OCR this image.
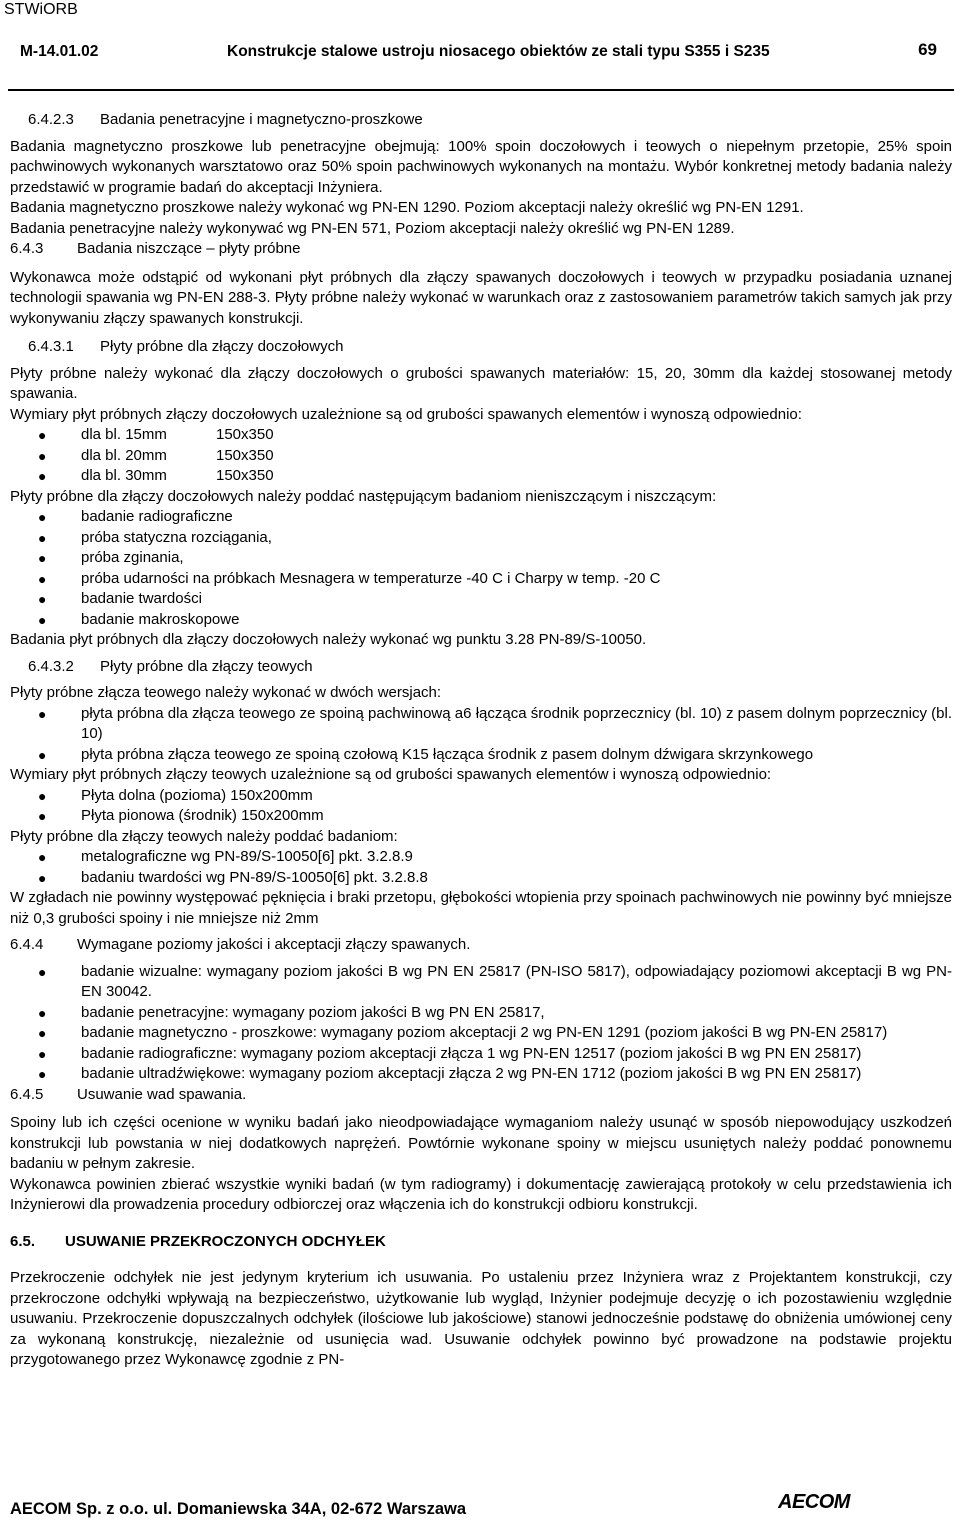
STWiORB
M-14.01.02	Konstrukcje stalowe ustroju niosacego obiektów ze stali typu S355 i S235	69
6.4.2.3 Badania penetracyjne i magnetyczno-proszkowe

Badania magnetyczno proszkowe lub penetracyjne obejmują: 100% spoin doczołowych i teowych o niepełnym przetopie, 25% spoin pachwinowych wykonanych warsztatowo oraz 50% spoin pachwinowych wykonanych na montażu. Wybór konkretnej metody badania należy przedstawić w programie badań do akceptacji Inżyniera.

Badania magnetyczno proszkowe należy wykonać wg PN-EN 1290. Poziom akceptacji należy określić wg PN-EN 1291.

Badania penetracyjne należy wykonywać wg PN-EN 571, Poziom akceptacji należy określić wg PN-EN 1289.

6.4.3 Badania niszczące – płyty próbne

Wykonawca może odstąpić od wykonani płyt próbnych dla złączy spawanych doczołowych i teowych w przypadku posiadania uznanej technologii spawania wg PN-EN 288-3. Płyty próbne należy wykonać w warunkach oraz z zastosowaniem parametrów takich samych jak przy wykonywaniu złączy spawanych konstrukcji.

6.4.3.1 Płyty próbne dla złączy doczołowych

Płyty próbne należy wykonać dla złączy doczołowych o grubości spawanych materiałów: 15, 20, 30mm dla każdej stosowanej metody spawania.

Wymiary płyt próbnych złączy doczołowych uzależnione są od grubości spawanych elementów i wynoszą odpowiednio:

● dla bl. 15mm	150x350
● dla bl. 20mm	150x350
● dla bl. 30mm	150x350

Płyty próbne dla złączy doczołowych należy poddać następującym badaniom nieniszczącym i niszczącym:

● badanie radiograficzne
● próba statyczna rozciągania,
● próba zginania,
● próba udarności na próbkach Mesnagera w temperaturze -40 C i Charpy w temp. -20 C
● badanie twardości
● badanie makroskopowe

Badania płyt próbnych dla złączy doczołowych należy wykonać wg punktu 3.28 PN-89/S-10050.

6.4.3.2 Płyty próbne dla złączy teowych

Płyty próbne złącza teowego należy wykonać w dwóch wersjach:

● płyta próbna dla złącza teowego ze spoiną pachwinową a6 łącząca środnik poprzecznicy (bl. 10) z pasem dolnym poprzecznicy (bl. 10)
● płyta próbna złącza teowego ze spoiną czołową K15 łącząca środnik z pasem dolnym dźwigara skrzynkowego

Wymiary płyt próbnych złączy teowych uzależnione są od grubości spawanych elementów i wynoszą odpowiednio:

● Płyta dolna (pozioma) 150x200mm
● Płyta pionowa (środnik) 150x200mm

Płyty próbne dla złączy teowych należy poddać badaniom:

● metalograficzne wg PN-89/S-10050[6] pkt. 3.2.8.9
● badaniu twardości wg PN-89/S-10050[6] pkt. 3.2.8.8

W zgładach nie powinny występować pęknięcia i braki przetopu, głębokości wtopienia przy spoinach pachwinowych nie powinny być mniejsze niż 0,3 grubości spoiny i nie mniejsze niż 2mm

6.4.4 Wymagane poziomy jakości i akceptacji złączy spawanych.
● badanie wizualne: wymagany poziom jakości B wg PN EN 25817 (PN-ISO 5817), odpowiadający poziomowi akceptacji B wg PN-EN 30042.
● badanie penetracyjne: wymagany poziom jakości B wg PN EN 25817,
● badanie magnetyczno - proszkowe: wymagany poziom akceptacji 2 wg PN-EN 1291 (poziom jakości B wg PN-EN 25817)
● badanie radiograficzne: wymagany poziom akceptacji złącza 1 wg PN-EN 12517 (poziom jakości B wg PN EN 25817)
● badanie ultradźwiękowe: wymagany poziom akceptacji złącza 2 wg PN-EN 1712 (poziom jakości B wg PN EN 25817)
6.4.5 Usuwanie wad spawania.

Spoiny lub ich części ocenione w wyniku badań jako nieodpowiadające wymaganiom należy usunąć w sposób niepowodujący uszkodzeń konstrukcji lub powstania w niej dodatkowych naprężeń. Powtórnie wykonane spoiny w miejscu usuniętych należy poddać ponownemu badaniu w pełnym zakresie.

Wykonawca powinien zbierać wszystkie wyniki badań (w tym radiogramy) i dokumentację zawierającą protokoły w celu przedstawienia ich Inżynierowi dla prowadzenia procedury odbiorczej oraz włączenia ich do konstrukcji odbioru konstrukcji.

6.5. USUWANIE PRZEKROCZONYCH ODCHYŁEK

Przekroczenie odchyłek nie jest jedynym kryterium ich usuwania. Po ustaleniu przez Inżyniera wraz z Projektantem konstrukcji, czy przekroczone odchyłki wpływają na bezpieczeństwo, użytkowanie lub wygląd, Inżynier podejmuje decyzję o ich pozostawieniu względnie usuwaniu. Przekroczenie dopuszczalnych odchyłek (ilościowe lub jakościowe) stanowi jednocześnie podstawę do obniżenia umówionej ceny za wykonaną konstrukcję, niezależnie od usunięcia wad. Usuwanie odchyłek powinno być prowadzone na podstawie projektu przygotowanego przez Wykonawcę zgodnie z PN-

AECOM Sp. z o.o. ul. Domaniewska 34A, 02-672 Warszawa	AECOM
